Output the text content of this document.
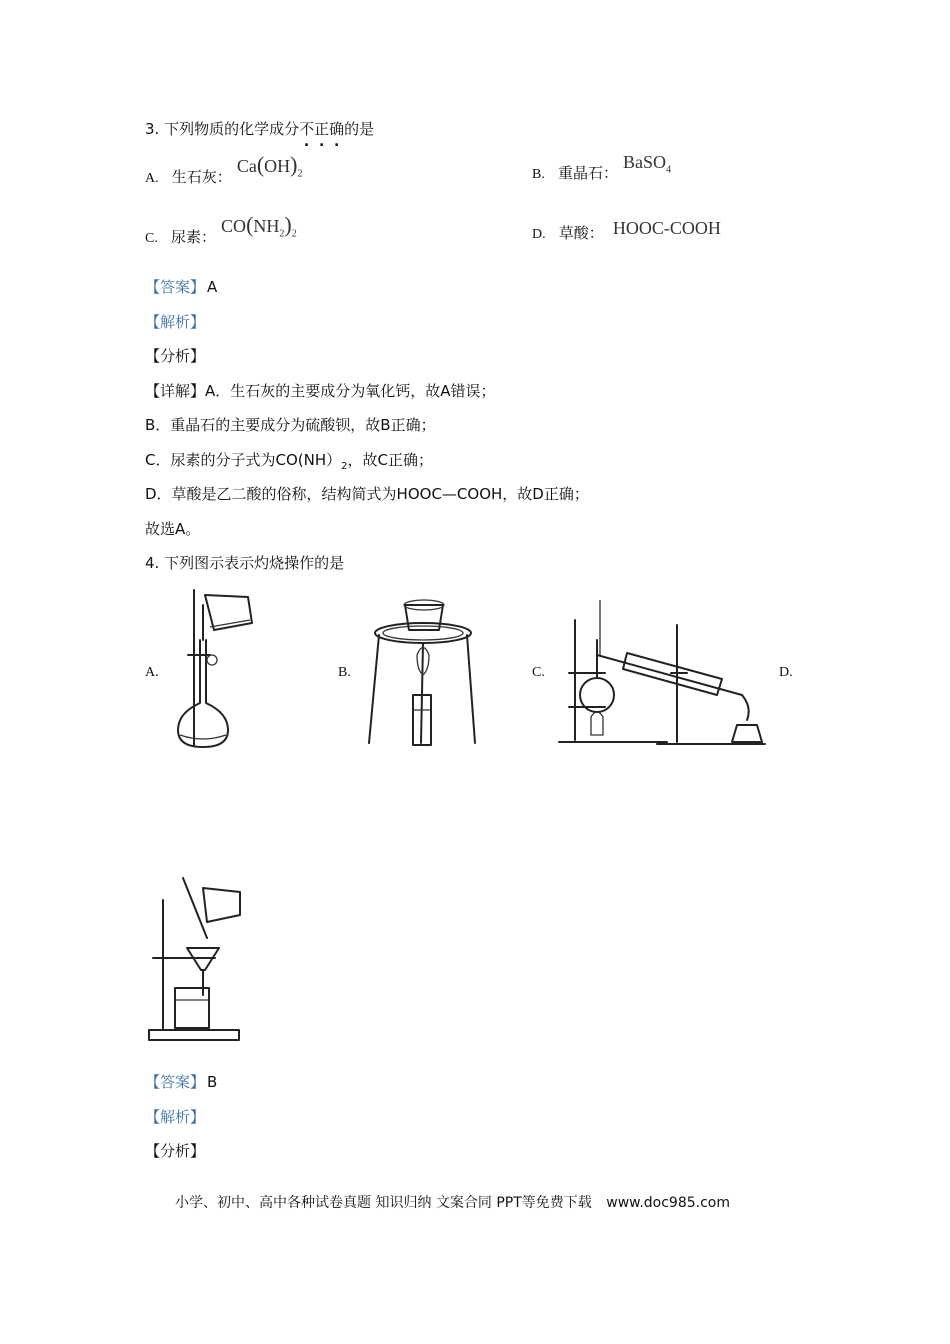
3. 下列物质的化学成分不正确的是
A. 生石灰： $Ca(OH)_2$	B. 重晶石： BaSO$_4$
C. 尿素： $CO(NH_2)_2$	D. 草酸： HOOC-COOH
【答案】 A
【解析】
【分析】
【详解】A．生石灰的主要成分为氧化钙，故A错误；
B．重晶石的主要成分为硫酸钡，故B正确；
C．尿素的分子式为$CO(NH)_2$，故C正确；
D．草酸是乙二酸的俗称，结构简式为HOOC—COOH，故D正确；
故选A。
4. 下列图示表示灼烧操作的是
A.	B.	C.	D.
【答案】 B
【解析】
【分析】
小学、初中、高中各种试卷真题 知识归纳 文案合同 PPT等免费下载 www.doc985.com
